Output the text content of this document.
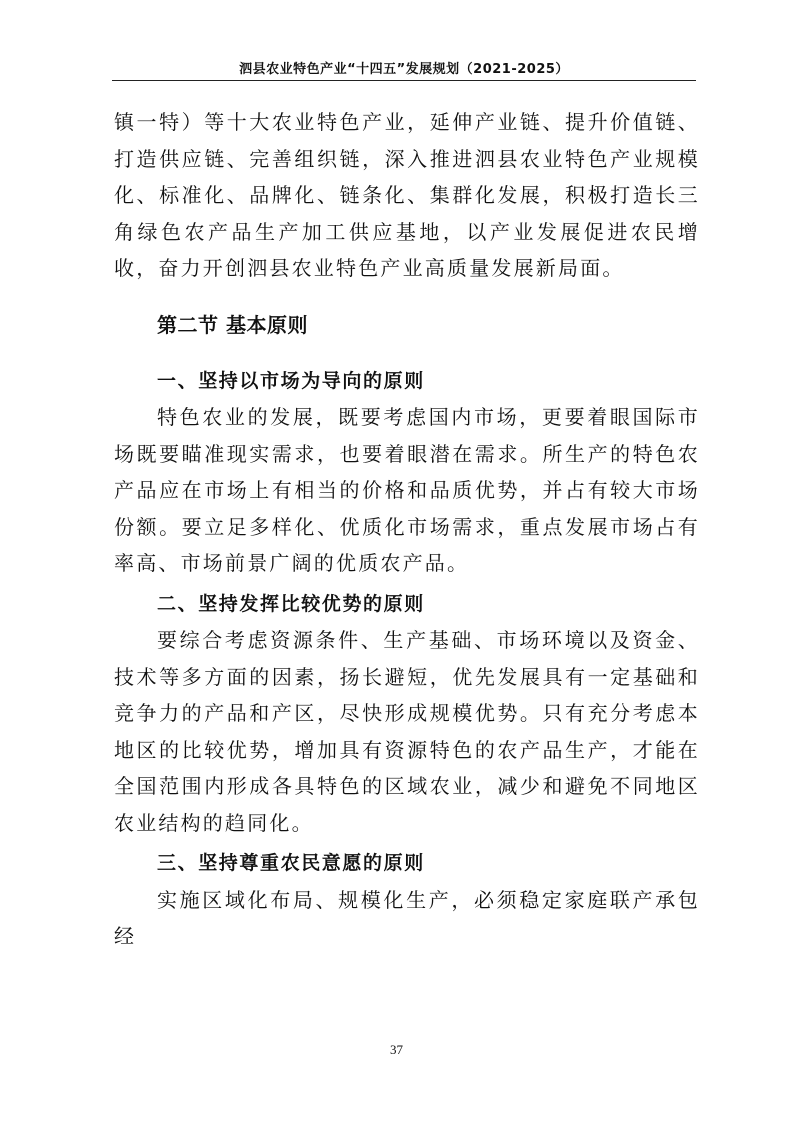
泗县农业特色产业“十四五”发展规划（2021-2025）

镇一特）等十大农业特色产业，延伸产业链、提升价值链、打造供应链、完善组织链，深入推进泗县农业特色产业规模化、标准化、品牌化、链条化、集群化发展，积极打造长三角绿色农产品生产加工供应基地，以产业发展促进农民增收，奋力开创泗县农业特色产业高质量发展新局面。

第二节 基本原则
一、坚持以市场为导向的原则

特色农业的发展，既要考虑国内市场，更要着眼国际市场既要瞄准现实需求，也要着眼潜在需求。所生产的特色农产品应在市场上有相当的价格和品质优势，并占有较大市场份额。要立足多样化、优质化市场需求，重点发展市场占有率高、市场前景广阔的优质农产品。

二、坚持发挥比较优势的原则

要综合考虑资源条件、生产基础、市场环境以及资金、技术等多方面的因素，扬长避短，优先发展具有一定基础和竞争力的产品和产区，尽快形成规模优势。只有充分考虑本地区的比较优势，增加具有资源特色的农产品生产，才能在全国范围内形成各具特色的区域农业，减少和避免不同地区农业结构的趋同化。

三、坚持尊重农民意愿的原则

实施区域化布局、规模化生产，必须稳定家庭联产承包经

37
